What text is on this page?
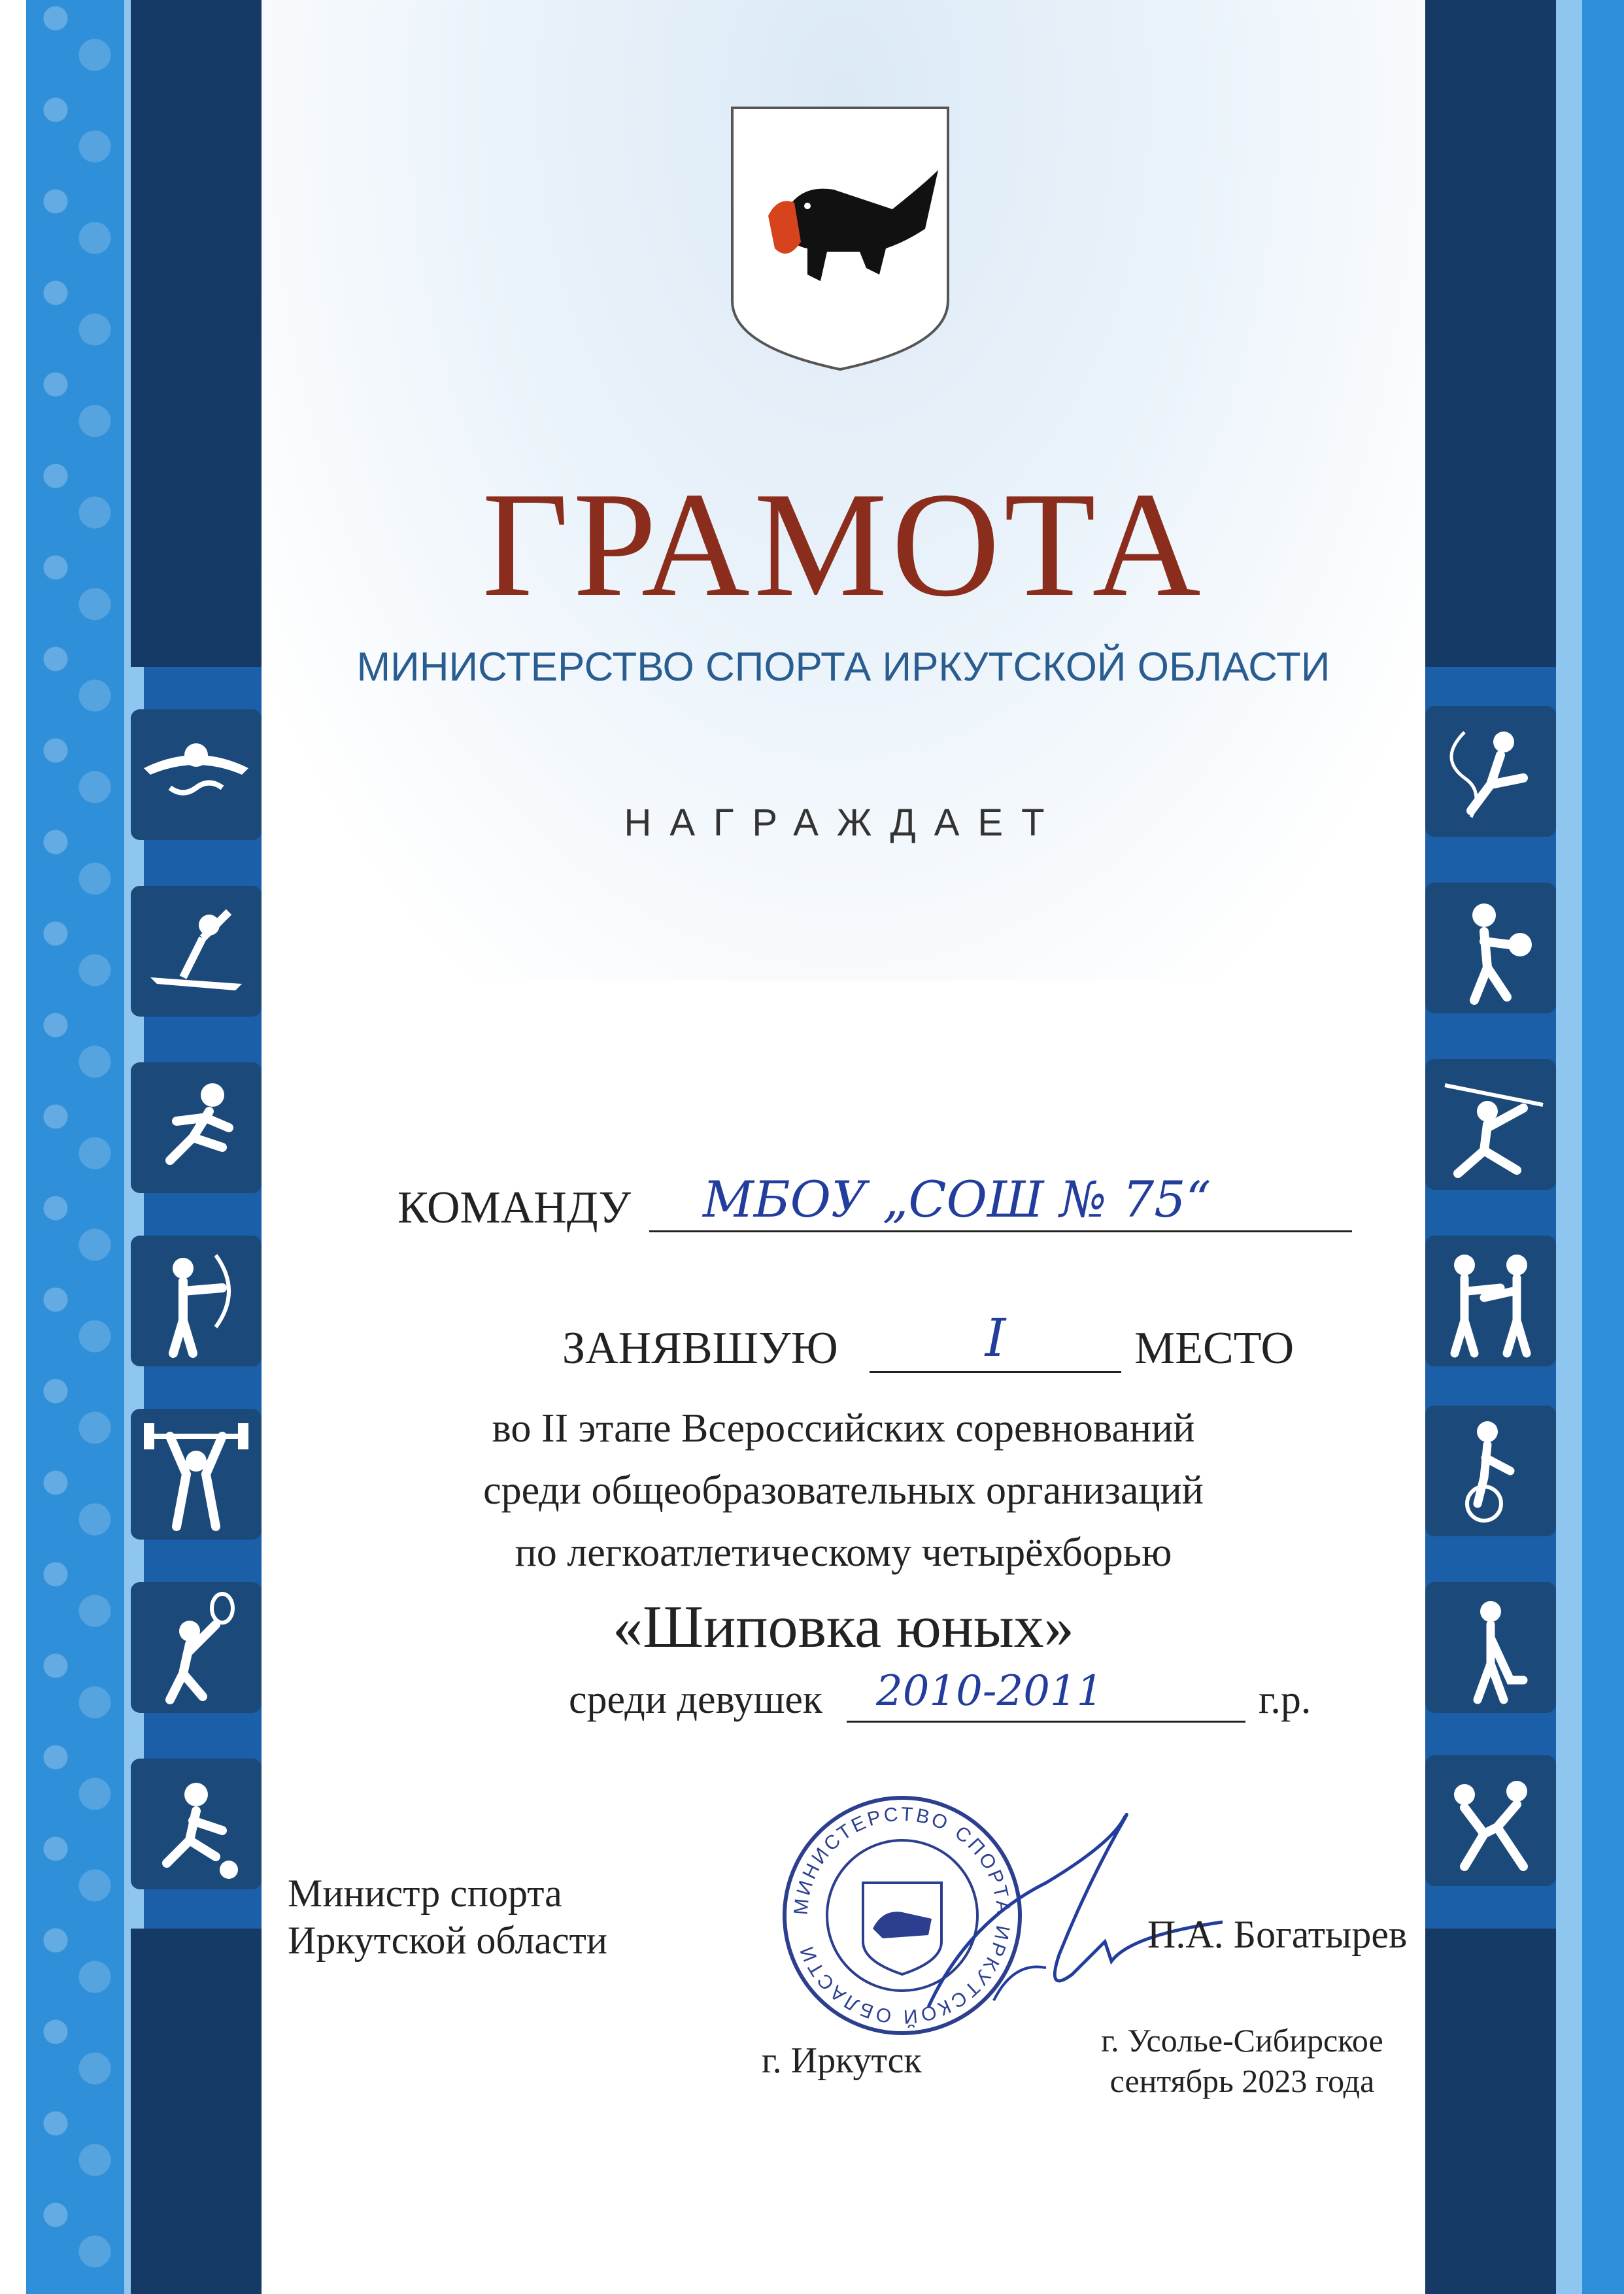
ГРАМОТА
МИНИСТЕРСТВО СПОРТА ИРКУТСКОЙ ОБЛАСТИ
НАГРАЖДАЕТ
КОМАНДУ МБОУ „СОШ № 75“
ЗАНЯВШУЮ	I	МЕСТО
во II этапе Всероссийских соревнований
среди общеобразовательных организаций
по легкоатлетическому четырёхборью
«Шиповка юных»
среди девушек 2010-2011	г.р.
Министр спорта
Иркутской области
МИНИСТЕРСТВО СПОРТА ИРКУТСКОЙ ОБЛАСТИ	П.А. Богатырев
г. Иркутск	г. Усолье-Сибирское
сентябрь 2023 года
